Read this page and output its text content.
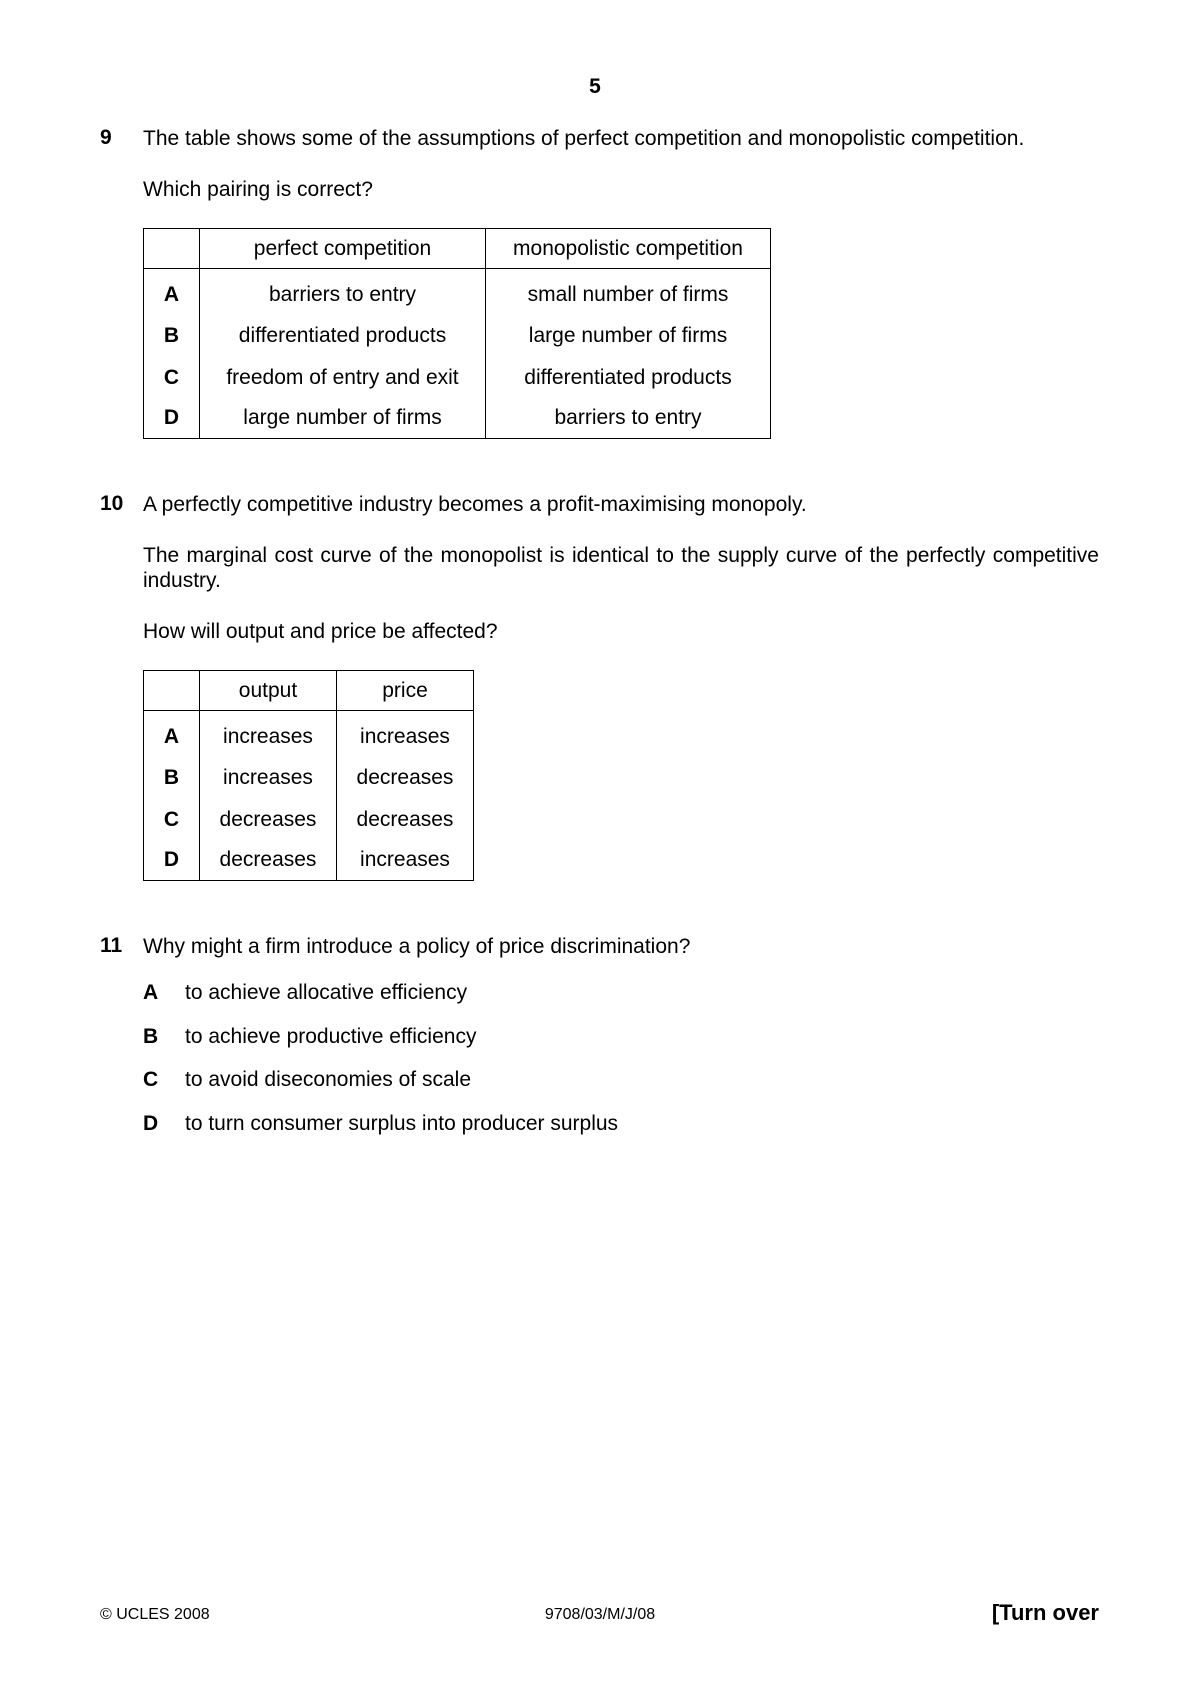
5
9 The table shows some of the assumptions of perfect competition and monopolistic competition.
Which pairing is correct?
	perfect competition	monopolistic competition
A	barriers to entry	small number of firms
B	differentiated products	large number of firms
C	freedom of entry and exit	differentiated products
D	large number of firms	barriers to entry
10 A perfectly competitive industry becomes a profit-maximising monopoly.
The marginal cost curve of the monopolist is identical to the supply curve of the perfectly competitive industry.
How will output and price be affected?
	output	price
A	increases	increases
B	increases	decreases
C	decreases	decreases
D	decreases	increases
11 Why might a firm introduce a policy of price discrimination?
A to achieve allocative efficiency
B to achieve productive efficiency
C to avoid diseconomies of scale
D to turn consumer surplus into producer surplus
© UCLES 2008	9708/03/M/J/08	[Turn over
